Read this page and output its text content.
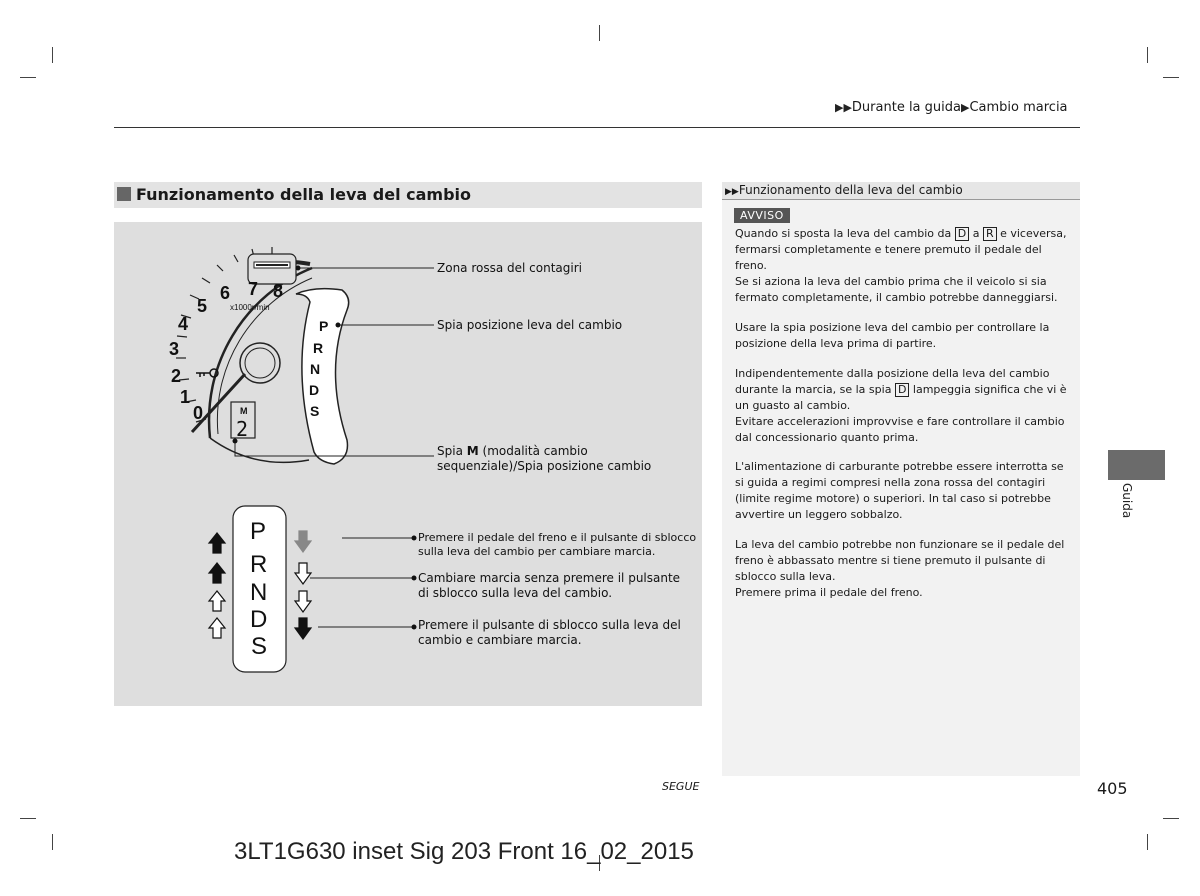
▶▶Durante la guida▶Cambio marcia
Funzionamento della leva del cambio
0
1
2
3
4
5
6 7 8
x1000r/min
M
2
P
R
N
D
S
P
R
N
D
S
Zona rossa del contagiri
Spia posizione leva del cambio
Spia M (modalità cambio
sequenziale)/Spia posizione cambio
Premere il pedale del freno e il pulsante di sblocco
sulla leva del cambio per cambiare marcia.
Cambiare marcia senza premere il pulsante
di sblocco sulla leva del cambio.
Premere il pulsante di sblocco sulla leva del
cambio e cambiare marcia.
▶▶Funzionamento della leva del cambio
AVVISO
Quando si sposta la leva del cambio da D a R e viceversa, fermarsi completamente e tenere premuto il pedale del freno.
Se si aziona la leva del cambio prima che il veicolo si sia fermato completamente, il cambio potrebbe danneggiarsi.
Usare la spia posizione leva del cambio per controllare la posizione della leva prima di partire.
Indipendentemente dalla posizione della leva del cambio durante la marcia, se la spia D lampeggia significa che vi è un guasto al cambio.
Evitare accelerazioni improvvise e fare controllare il cambio dal concessionario quanto prima.
L'alimentazione di carburante potrebbe essere interrotta se si guida a regimi compresi nella zona rossa del contagiri (limite regime motore) o superiori. In tal caso si potrebbe avvertire un leggero sobbalzo.
La leva del cambio potrebbe non funzionare se il pedale del freno è abbassato mentre si tiene premuto il pulsante di sblocco sulla leva.
Premere prima il pedale del freno.
Guida
SEGUE	405
3LT1G630 inset Sig 203 Front 16_02_2015
